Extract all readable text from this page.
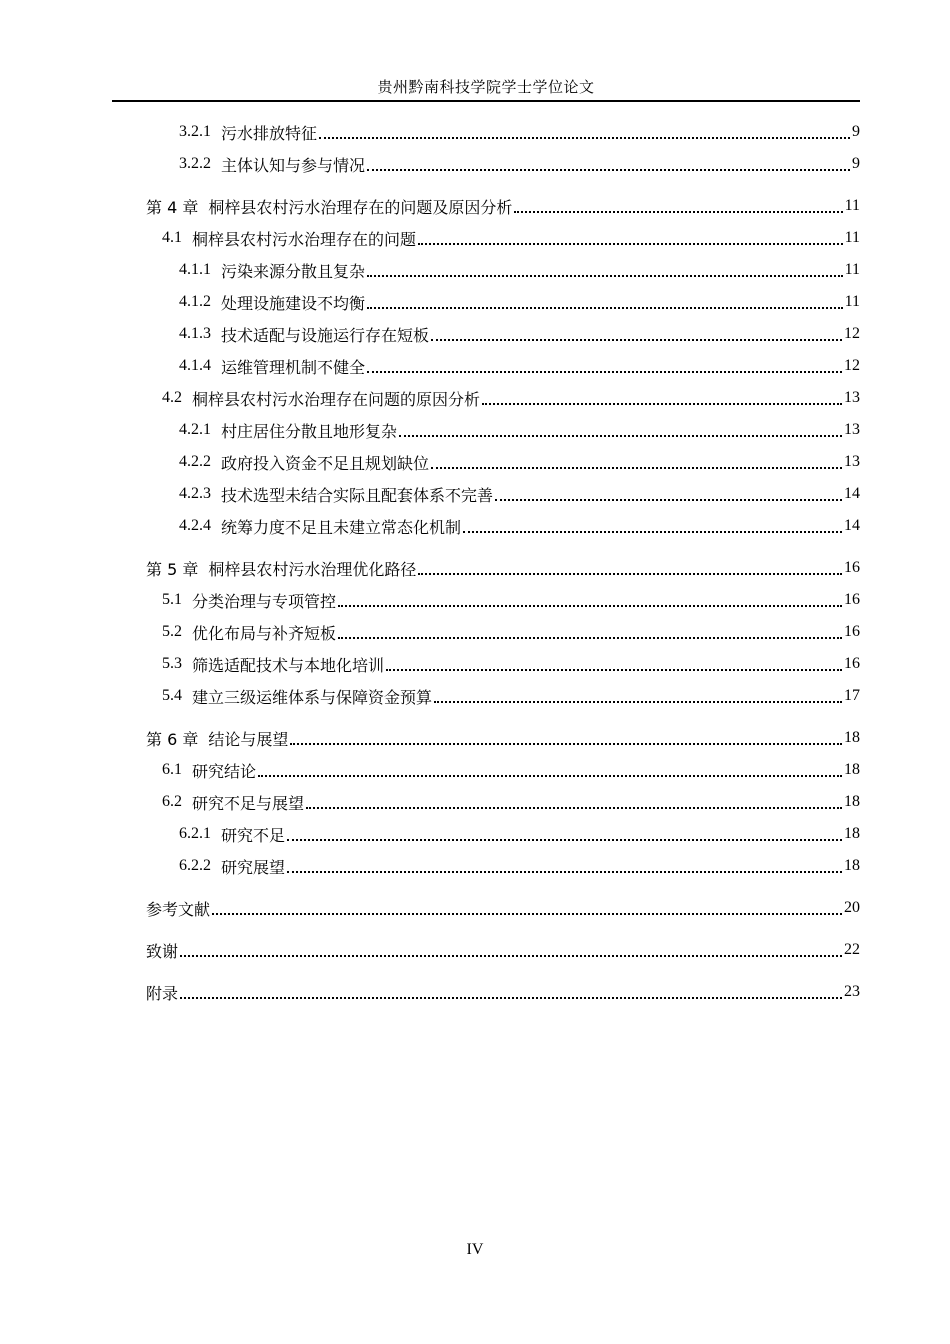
贵州黔南科技学院学士学位论文
3.2.1 污水排放特征	9
3.2.2 主体认知与参与情况	9
第 4 章 桐梓县农村污水治理存在的问题及原因分析	11
4.1 桐梓县农村污水治理存在的问题	11
4.1.1 污染来源分散且复杂	11
4.1.2 处理设施建设不均衡	11
4.1.3 技术适配与设施运行存在短板	12
4.1.4 运维管理机制不健全	12
4.2 桐梓县农村污水治理存在问题的原因分析	13
4.2.1 村庄居住分散且地形复杂	13
4.2.2 政府投入资金不足且规划缺位	13
4.2.3 技术选型未结合实际且配套体系不完善	14
4.2.4 统筹力度不足且未建立常态化机制	14
第 5 章 桐梓县农村污水治理优化路径	16
5.1 分类治理与专项管控	16
5.2 优化布局与补齐短板	16
5.3 筛选适配技术与本地化培训	16
5.4 建立三级运维体系与保障资金预算	17
第 6 章 结论与展望	18
6.1 研究结论	18
6.2 研究不足与展望	18
6.2.1 研究不足	18
6.2.2 研究展望	18
参考文献	20
致谢	22
附录	23
IV
